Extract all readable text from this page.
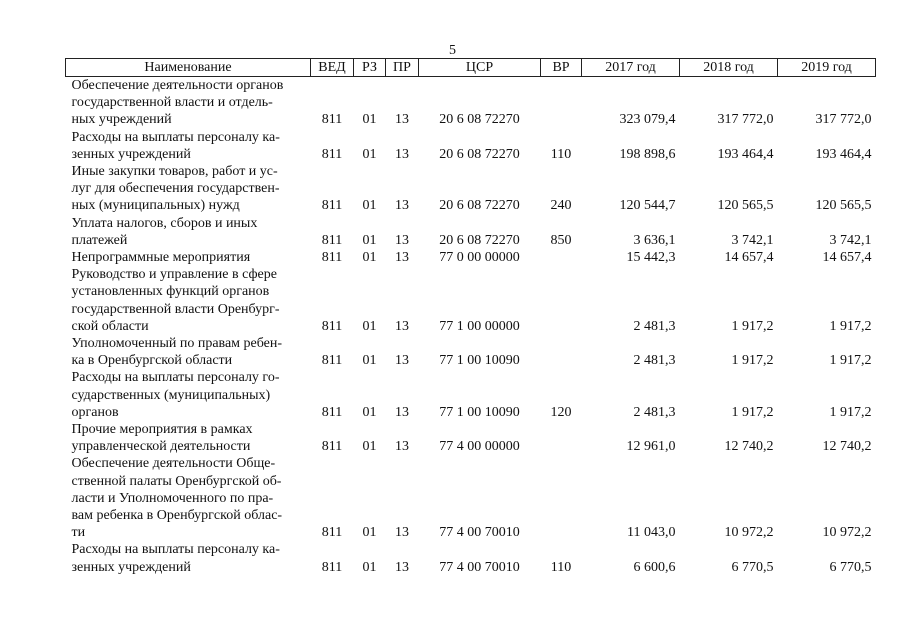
5
Наименование	ВЕД	РЗ	ПР	ЦСР	ВР	2017 год	2018 год	2019 год

Обеспечение деятельности органов
государственной власти и отдель-
ных учреждений	811	01	13	20 6 08 72270		323 079,4	317 772,0	317 772,0

Расходы на выплаты персоналу ка-
зенных учреждений	811	01	13	20 6 08 72270	110	198 898,6	193 464,4	193 464,4

Иные закупки товаров, работ и ус-
луг для обеспечения государствен-
ных (муниципальных) нужд	811	01	13	20 6 08 72270	240	120 544,7	120 565,5	120 565,5

Уплата налогов, сборов и иных
платежей	811	01	13	20 6 08 72270	850	3 636,1	3 742,1	3 742,1

Непрограммные мероприятия	811	01	13	77 0 00 00000		15 442,3	14 657,4	14 657,4

Руководство и управление в сфере
установленных функций органов
государственной власти Оренбург-
ской области	811	01	13	77 1 00 00000		2 481,3	1 917,2	1 917,2

Уполномоченный по правам ребен-
ка в Оренбургской области	811	01	13	77 1 00 10090		2 481,3	1 917,2	1 917,2

Расходы на выплаты персоналу го-
сударственных (муниципальных)
органов	811	01	13	77 1 00 10090	120	2 481,3	1 917,2	1 917,2

Прочие мероприятия в рамках
управленческой деятельности	811	01	13	77 4 00 00000		12 961,0	12 740,2	12 740,2

Обеспечение деятельности Обще-
ственной палаты Оренбургской об-
ласти и Уполномоченного по пра-
вам ребенка в Оренбургской облас-
ти	811	01	13	77 4 00 70010		11 043,0	10 972,2	10 972,2

Расходы на выплаты персоналу ка-
зенных учреждений	811	01	13	77 4 00 70010	110	6 600,6	6 770,5	6 770,5
